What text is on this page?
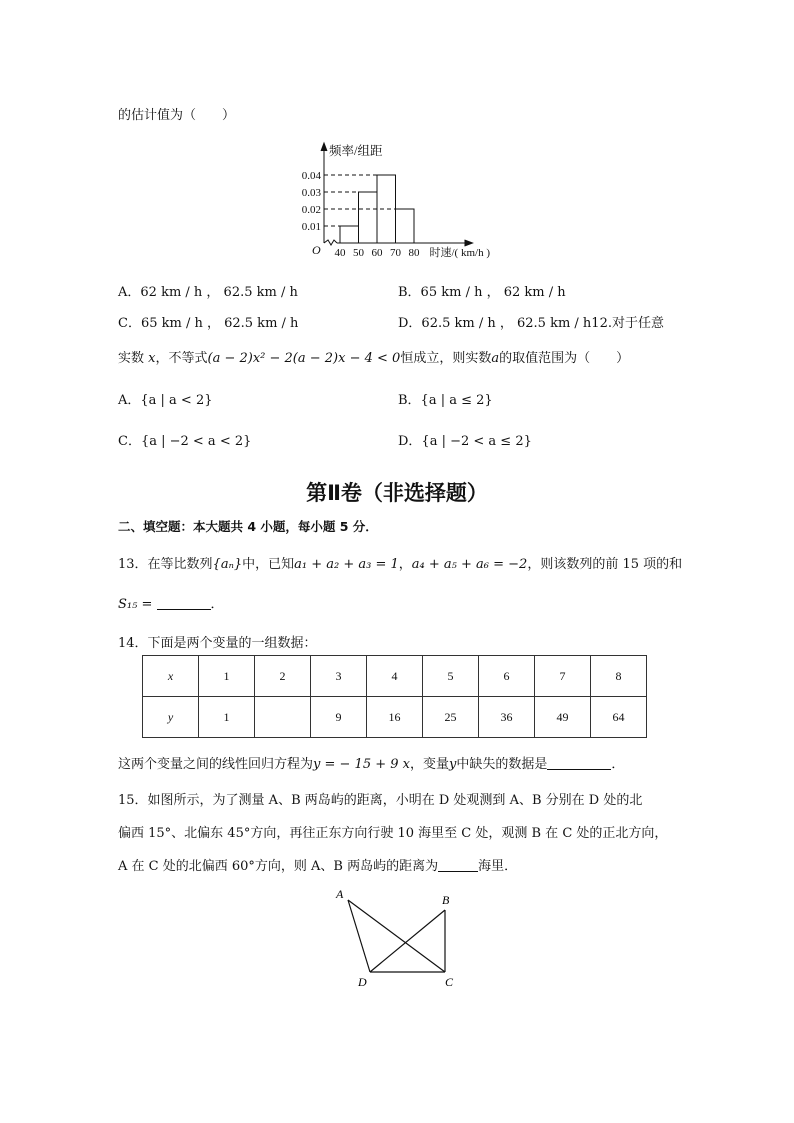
的估计值为（　　）
0.01
0.02
0.03
0.04
40 50 60 70 80
O
频率/组距
时速/( km/h )
A．62 km / h ， 62.5 km / h	B．65 km / h ， 62 km / h
C．65 km / h ， 62.5 km / h	D．62.5 km / h ， 62.5 km / h12.对于任意
实数 x，不等式(a − 2)x² − 2(a − 2)x − 4 < 0恒成立，则实数a的取值范围为（　　）
A．{a | a < 2}	B．{a | a ≤ 2}
C．{a | −2 < a < 2}	D．{a | −2 < a ≤ 2}
第Ⅱ卷（非选择题）
二、填空题：本大题共 4 小题，每小题 5 分．
13．在等比数列{aₙ}中，已知a₁ + a₂ + a₃ = 1，a₄ + a₅ + a₆ = −2，则该数列的前 15 项的和
S₁₅ =	．
14．下面是两个变量的一组数据：
x	1	2	3	4	5	6	7	8
y	1		9	16	25	36	49	64
这两个变量之间的线性回归方程为y = − 15 + 9 x，变量y中缺失的数据是	．
15．如图所示，为了测量 A、B 两岛屿的距离，小明在 D 处观测到 A、B 分别在 D 处的北
偏西 15°、北偏东 45°方向，再往正东方向行驶 10 海里至 C 处，观测 B 在 C 处的正北方向，
A 在 C 处的北偏西 60°方向，则 A、B 两岛屿的距离为	海里．
A	B
C
D
